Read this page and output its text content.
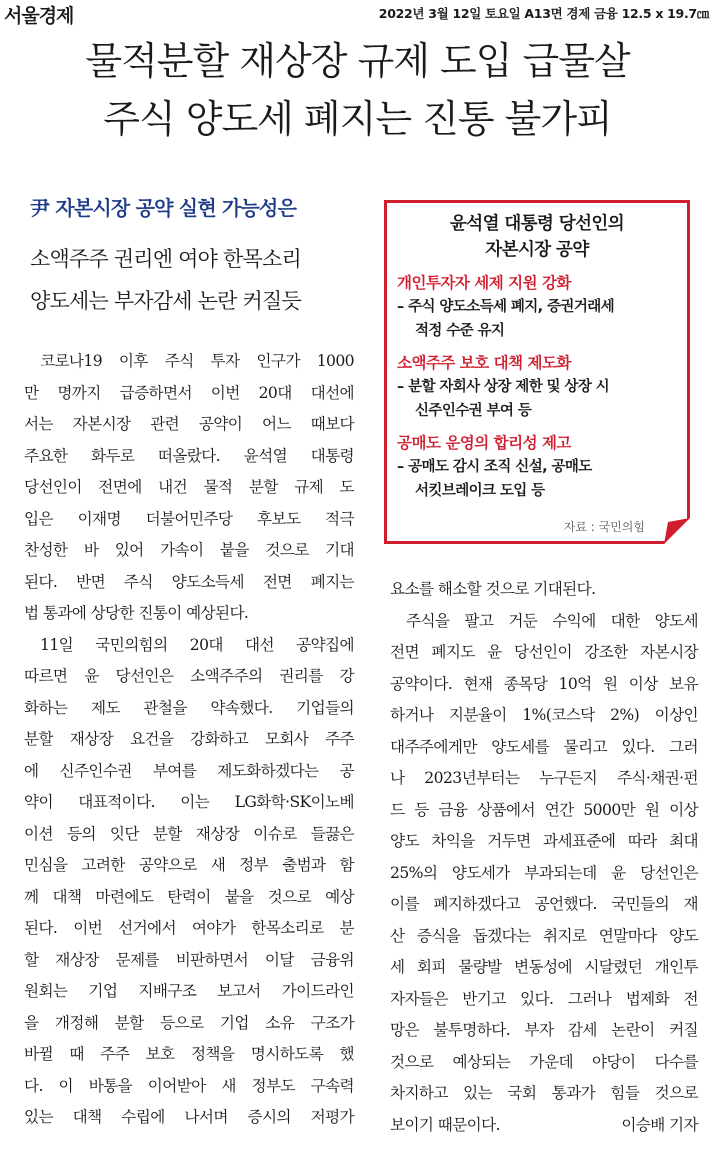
서울경제	2022년 3월 12일 토요일 A13면 경제 금융 12.5 x 19.7㎝
물적분할 재상장 규제 도입 급물살
주식 양도세 폐지는 진통 불가피
尹 자본시장 공약 실현 가능성은
소액주주 권리엔 여야 한목소리
양도세는 부자감세 논란 커질듯
윤석열 대통령 당선인의
자본시장 공약
개인투자자 세제 지원 강화
– 주식 양도소득세 폐지, 증권거래세
적정 수준 유지
소액주주 보호 대책 제도화
– 분할 자회사 상장 제한 및 상장 시
신주인수권 부여 등
공매도 운영의 합리성 제고
– 공매도 감시 조직 신설, 공매도
서킷브레이크 도입 등
자료 : 국민의힘

코로나19 이후 주식 투자 인구가 1000

만 명까지 급증하면서 이번 20대 대선에

서는 자본시장 관련 공약이 어느 때보다

주요한 화두로 떠올랐다. 윤석열 대통령

당선인이 전면에 내건 물적 분할 규제 도

입은 이재명 더불어민주당 후보도 적극

찬성한 바 있어 가속이 붙을 것으로 기대

된다. 반면 주식 양도소득세 전면 폐지는

법 통과에 상당한 진통이 예상된다.

11일 국민의힘의 20대 대선 공약집에

따르면 윤 당선인은 소액주주의 권리를 강

화하는 제도 관철을 약속했다. 기업들의

분할 재상장 요건을 강화하고 모회사 주주

에 신주인수권 부여를 제도화하겠다는 공

약이 대표적이다. 이는 LG화학·SK이노베

이션 등의 잇단 분할 재상장 이슈로 들끓은

민심을 고려한 공약으로 새 정부 출범과 함

께 대책 마련에도 탄력이 붙을 것으로 예상

된다. 이번 선거에서 여야가 한목소리로 분

할 재상장 문제를 비판하면서 이달 금융위

원회는 기업 지배구조 보고서 가이드라인

을 개정해 분할 등으로 기업 소유 구조가

바뀔 때 주주 보호 정책을 명시하도록 했

다. 이 바통을 이어받아 새 정부도 구속력

있는 대책 수립에 나서며 증시의 저평가

요소를 해소할 것으로 기대된다.

주식을 팔고 거둔 수익에 대한 양도세

전면 폐지도 윤 당선인이 강조한 자본시장

공약이다. 현재 종목당 10억 원 이상 보유

하거나 지분율이 1%(코스닥 2%) 이상인

대주주에게만 양도세를 물리고 있다. 그러

나 2023년부터는 누구든지 주식·채권·펀

드 등 금융 상품에서 연간 5000만 원 이상

양도 차익을 거두면 과세표준에 따라 최대

25%의 양도세가 부과되는데 윤 당선인은

이를 폐지하겠다고 공언했다. 국민들의 재

산 증식을 돕겠다는 취지로 연말마다 양도

세 회피 물량발 변동성에 시달렸던 개인투

자자들은 반기고 있다. 그러나 법제화 전

망은 불투명하다. 부자 감세 논란이 커질

것으로 예상되는 가운데 야당이 다수를

차지하고 있는 국회 통과가 힘들 것으로

보이기 때문이다.	이승배 기자
